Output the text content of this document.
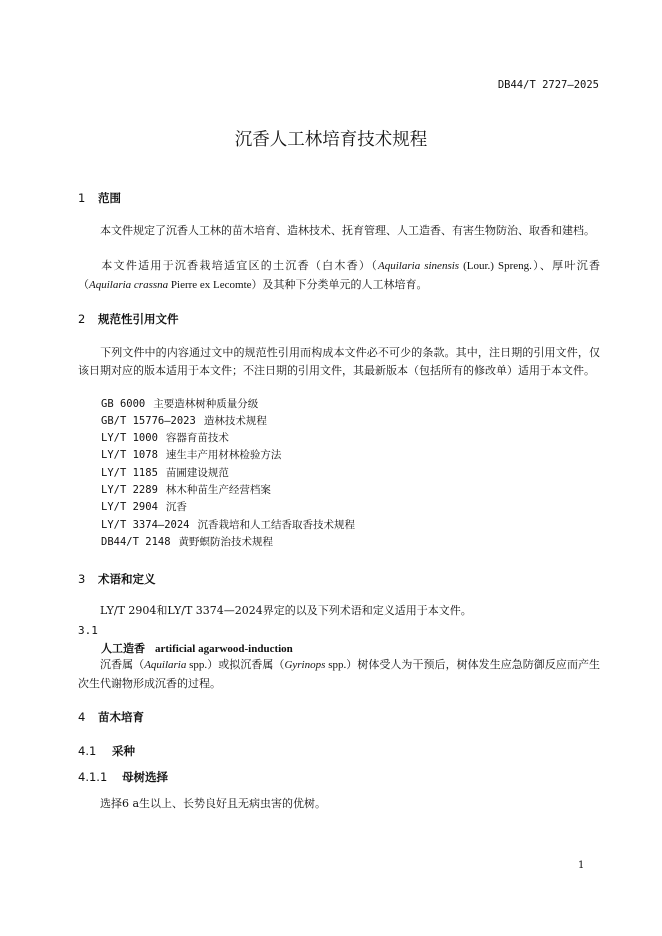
DB44/T 2727—2025
沉香人工林培育技术规程
1 范围
本文件规定了沉香人工林的苗木培育、造林技术、抚育管理、人工造香、有害生物防治、取香和建档。
本文件适用于沉香栽培适宜区的土沉香（白木香）（Aquilaria sinensis (Lour.) Spreng.）、厚叶沉香（Aquilaria crassna Pierre ex Lecomte）及其种下分类单元的人工林培育。
2 规范性引用文件
下列文件中的内容通过文中的规范性引用而构成本文件必不可少的条款。其中，注日期的引用文件，仅该日期对应的版本适用于本文件；不注日期的引用文件，其最新版本（包括所有的修改单）适用于本文件。
GB 6000 主要造林树种质量分级
GB/T 15776—2023 造林技术规程
LY/T 1000 容器育苗技术
LY/T 1078 速生丰产用材林检验方法
LY/T 1185 苗圃建设规范
LY/T 2289 林木种苗生产经营档案
LY/T 2904 沉香
LY/T 3374—2024 沉香栽培和人工结香取香技术规程
DB44/T 2148 黄野螟防治技术规程
3 术语和定义
LY/T 2904和LY/T 3374—2024界定的以及下列术语和定义适用于本文件。
3.1
人工造香 artificial agarwood-induction
沉香属（Aquilaria spp.）或拟沉香属（Gyrinops spp.）树体受人为干预后，树体发生应急防御反应而产生次生代谢物形成沉香的过程。
4 苗木培育
4.1 采种
4.1.1 母树选择
选择6 a生以上、长势良好且无病虫害的优树。
1
